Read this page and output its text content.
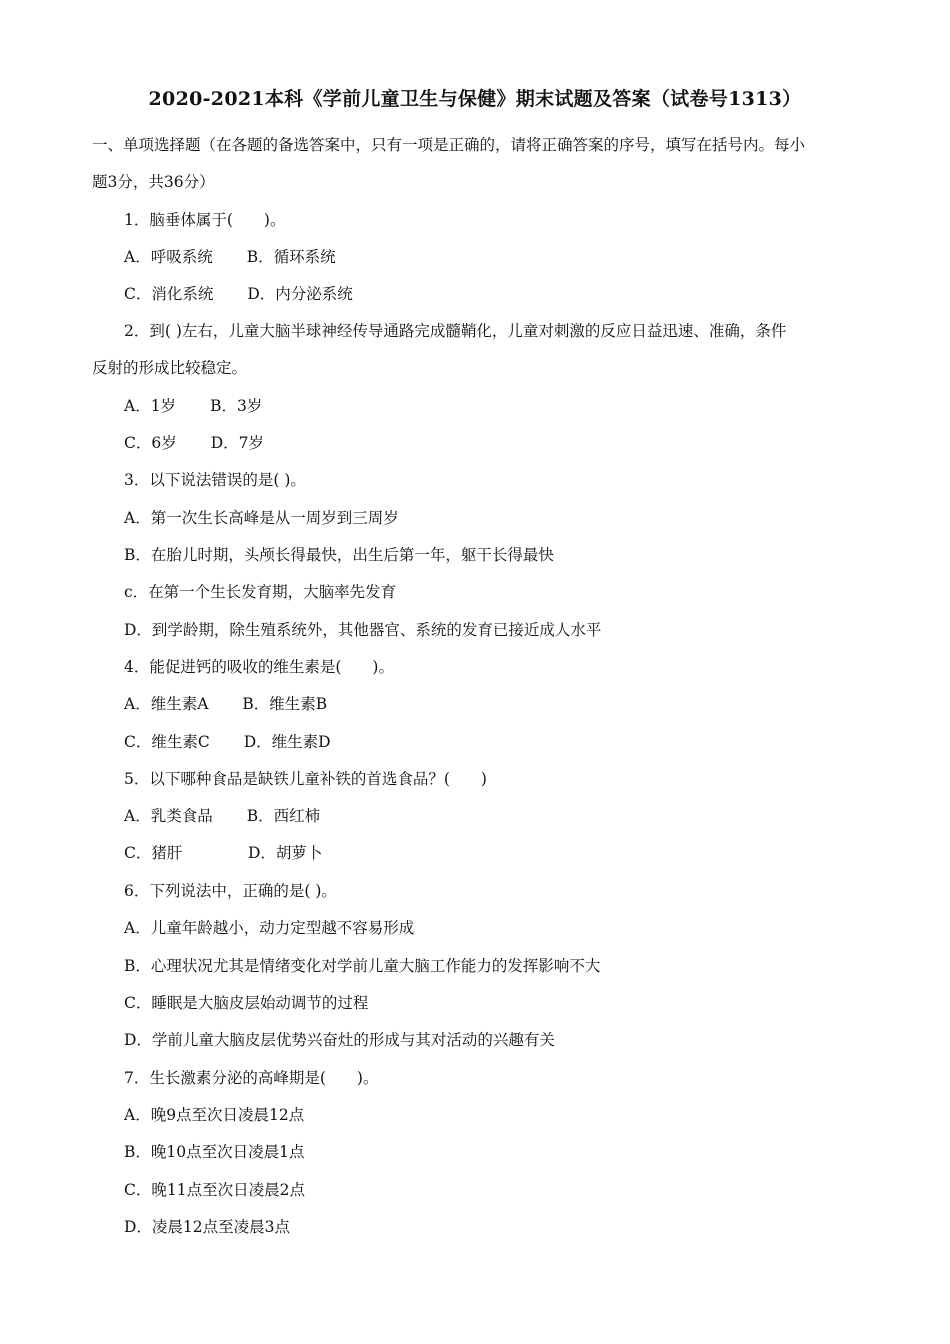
2020-2021本科《学前儿童卫生与保健》期末试题及答案（试卷号1313）
一、单项选择题（在各题的备选答案中，只有一项是正确的，请将正确答案的序号，填写在括号内。每小
题3分，共36分）
1．脑垂体属于(　　)。
A．呼吸系统 B．循环系统
C．消化系统 D．内分泌系统
2．到( )左右，儿童大脑半球神经传导通路完成髓鞘化，儿童对刺激的反应日益迅速、准确，条件
反射的形成比较稳定。
A．1岁 B．3岁
C．6岁 D．7岁
3．以下说法错误的是( )。
A．第一次生长高峰是从一周岁到三周岁
B．在胎儿时期，头颅长得最快，出生后第一年，躯干长得最快
c．在第一个生长发育期，大脑率先发育
D．到学龄期，除生殖系统外，其他器官、系统的发育已接近成人水平
4．能促进钙的吸收的维生素是(　　)。
A．维生素A B．维生素B
C．维生素C D．维生素D
5．以下哪种食品是缺铁儿童补铁的首选食品？(　　)
A．乳类食品 B．西红柿
C．猪肝	D．胡萝卜
6．下列说法中，正确的是( )。
A．儿童年龄越小，动力定型越不容易形成
B．心理状况尤其是情绪变化对学前儿童大脑工作能力的发挥影响不大
C．睡眠是大脑皮层始动调节的过程
D．学前儿童大脑皮层优势兴奋灶的形成与其对活动的兴趣有关
7．生长激素分泌的高峰期是(　　)。
A．晚9点至次日凌晨12点
B．晚10点至次日凌晨1点
C．晚11点至次日凌晨2点
D．凌晨12点至凌晨3点
